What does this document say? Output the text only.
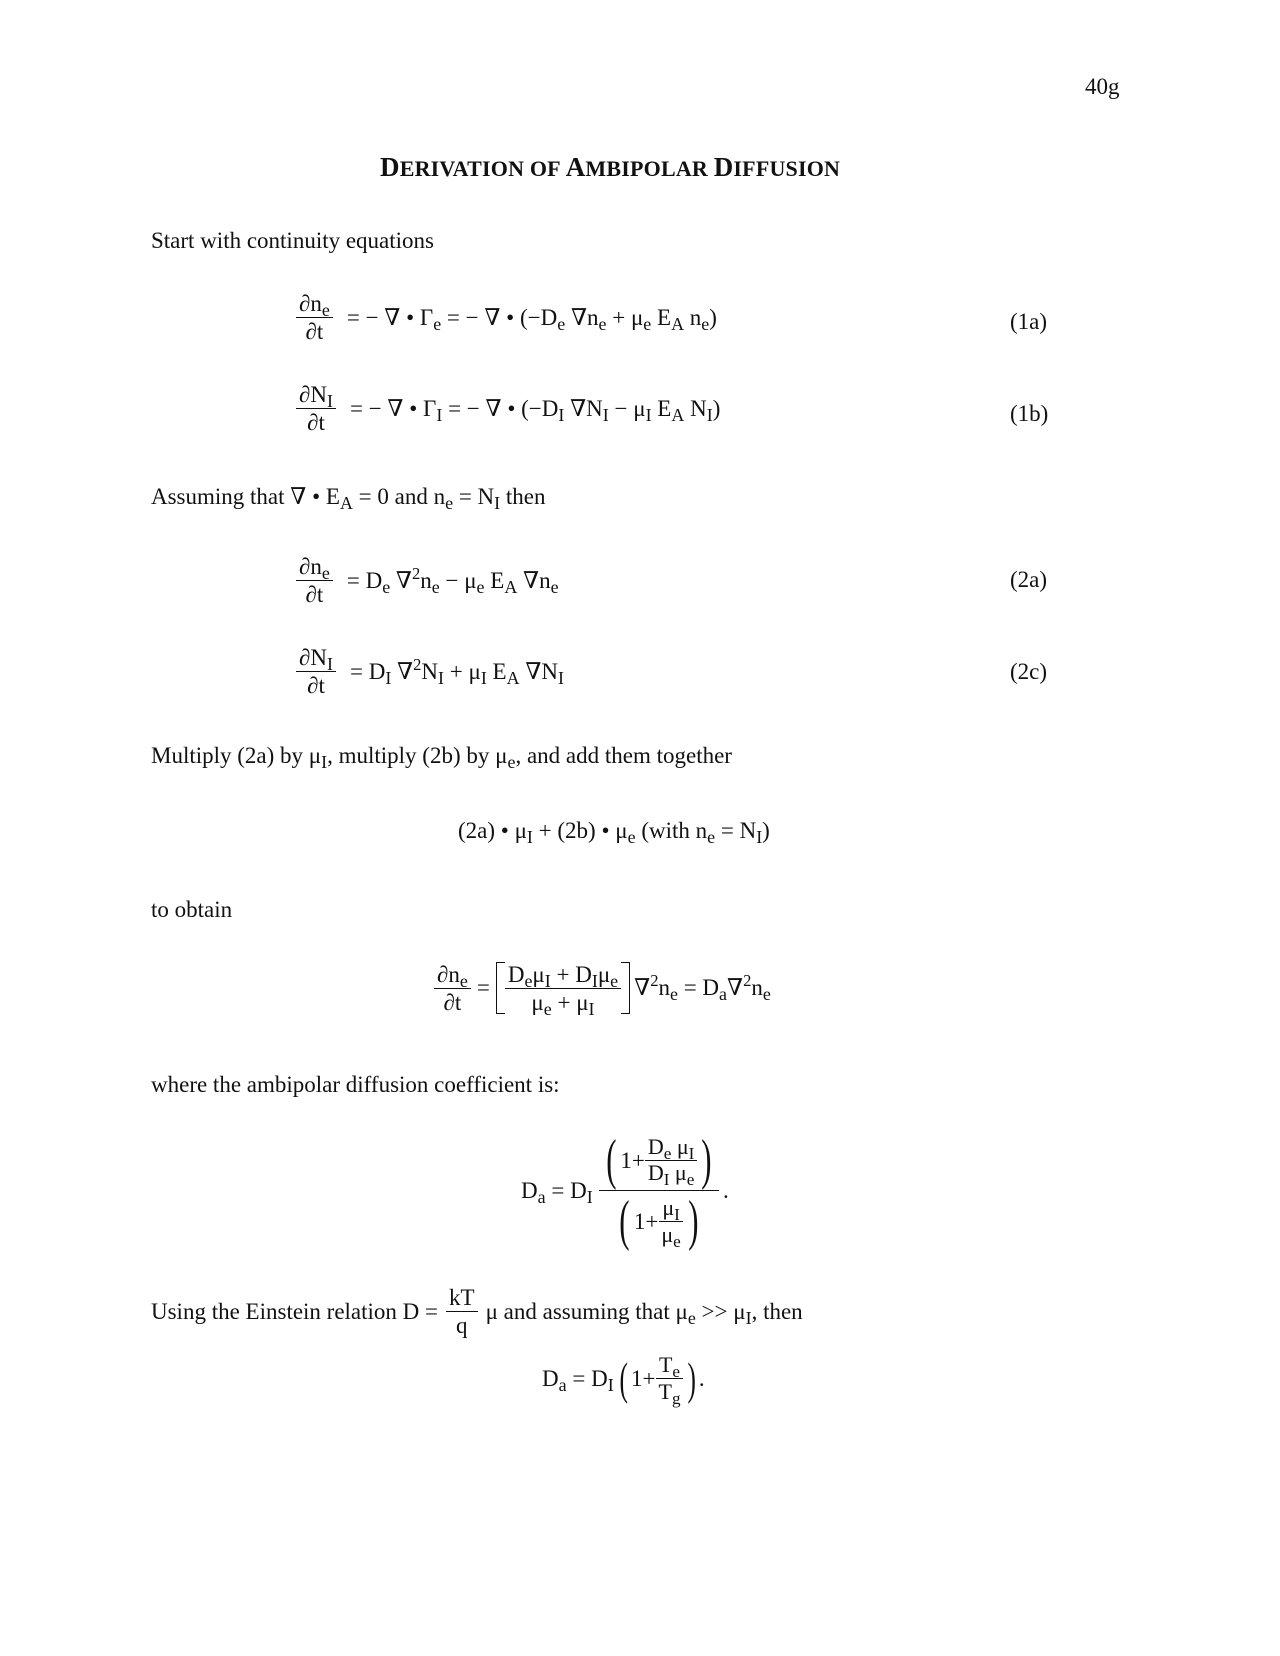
40g
DERIVATION OF AMBIPOLAR DIFFUSION
Start with continuity equations
$\frac{\partial n_e}{\partial t}$ = − ∇ • $\Gamma_e$ = − ∇ • ($-D_e$ $\nabla n_e + \mu_e$ $E_A$ $n_e$)	(1a)
$\frac{\partial N_I}{\partial t}$ = − ∇ • $\Gamma_I$ = − ∇ • ($-D_I$ $\nabla N_I - \mu_I$ $E_A$ $N_I$)	(1b)
Assuming that ∇ • $E_A = 0$ and $n_e = N_I$ then
$\frac{\partial n_e}{\partial t} = D_e$ $\nabla^2n_e - \mu_e$ $E_A$ $\nabla n_e$	(2a)
$\frac{\partial N_I}{\partial t} = D_I$ $\nabla^2N_I + \mu_I$ $E_A$ $\nabla N_I$	(2c)
Multiply (2a) by $\mu_I$, multiply (2b) by $\mu_e$, and add them together
(2a) • $\mu_I + (2b)$ • $\mu_e$ (with $n_e = N_I$)
to obtain
$\frac{\partial n_e}{\partial t} = \frac{D_e\mu_I + D_I\mu_e}{\mu_e + \mu_I} \nabla^2n_e = D_a\nabla^2n_e$
where the ambipolar diffusion coefficient is:
$D_a = D_I$
( $1+ \frac{D_e \mu_I}{D_I \mu_e}$ )
( $1+ \frac{\mu_I}{\mu_e}$ ) .
Using the Einstein relation $D = \frac{kT}{q}$ μ and assuming that $\mu_e >> \mu_I$, then
$D_a = D_I$ ( $1+ \frac{T_e}{T_g}$ ) .
